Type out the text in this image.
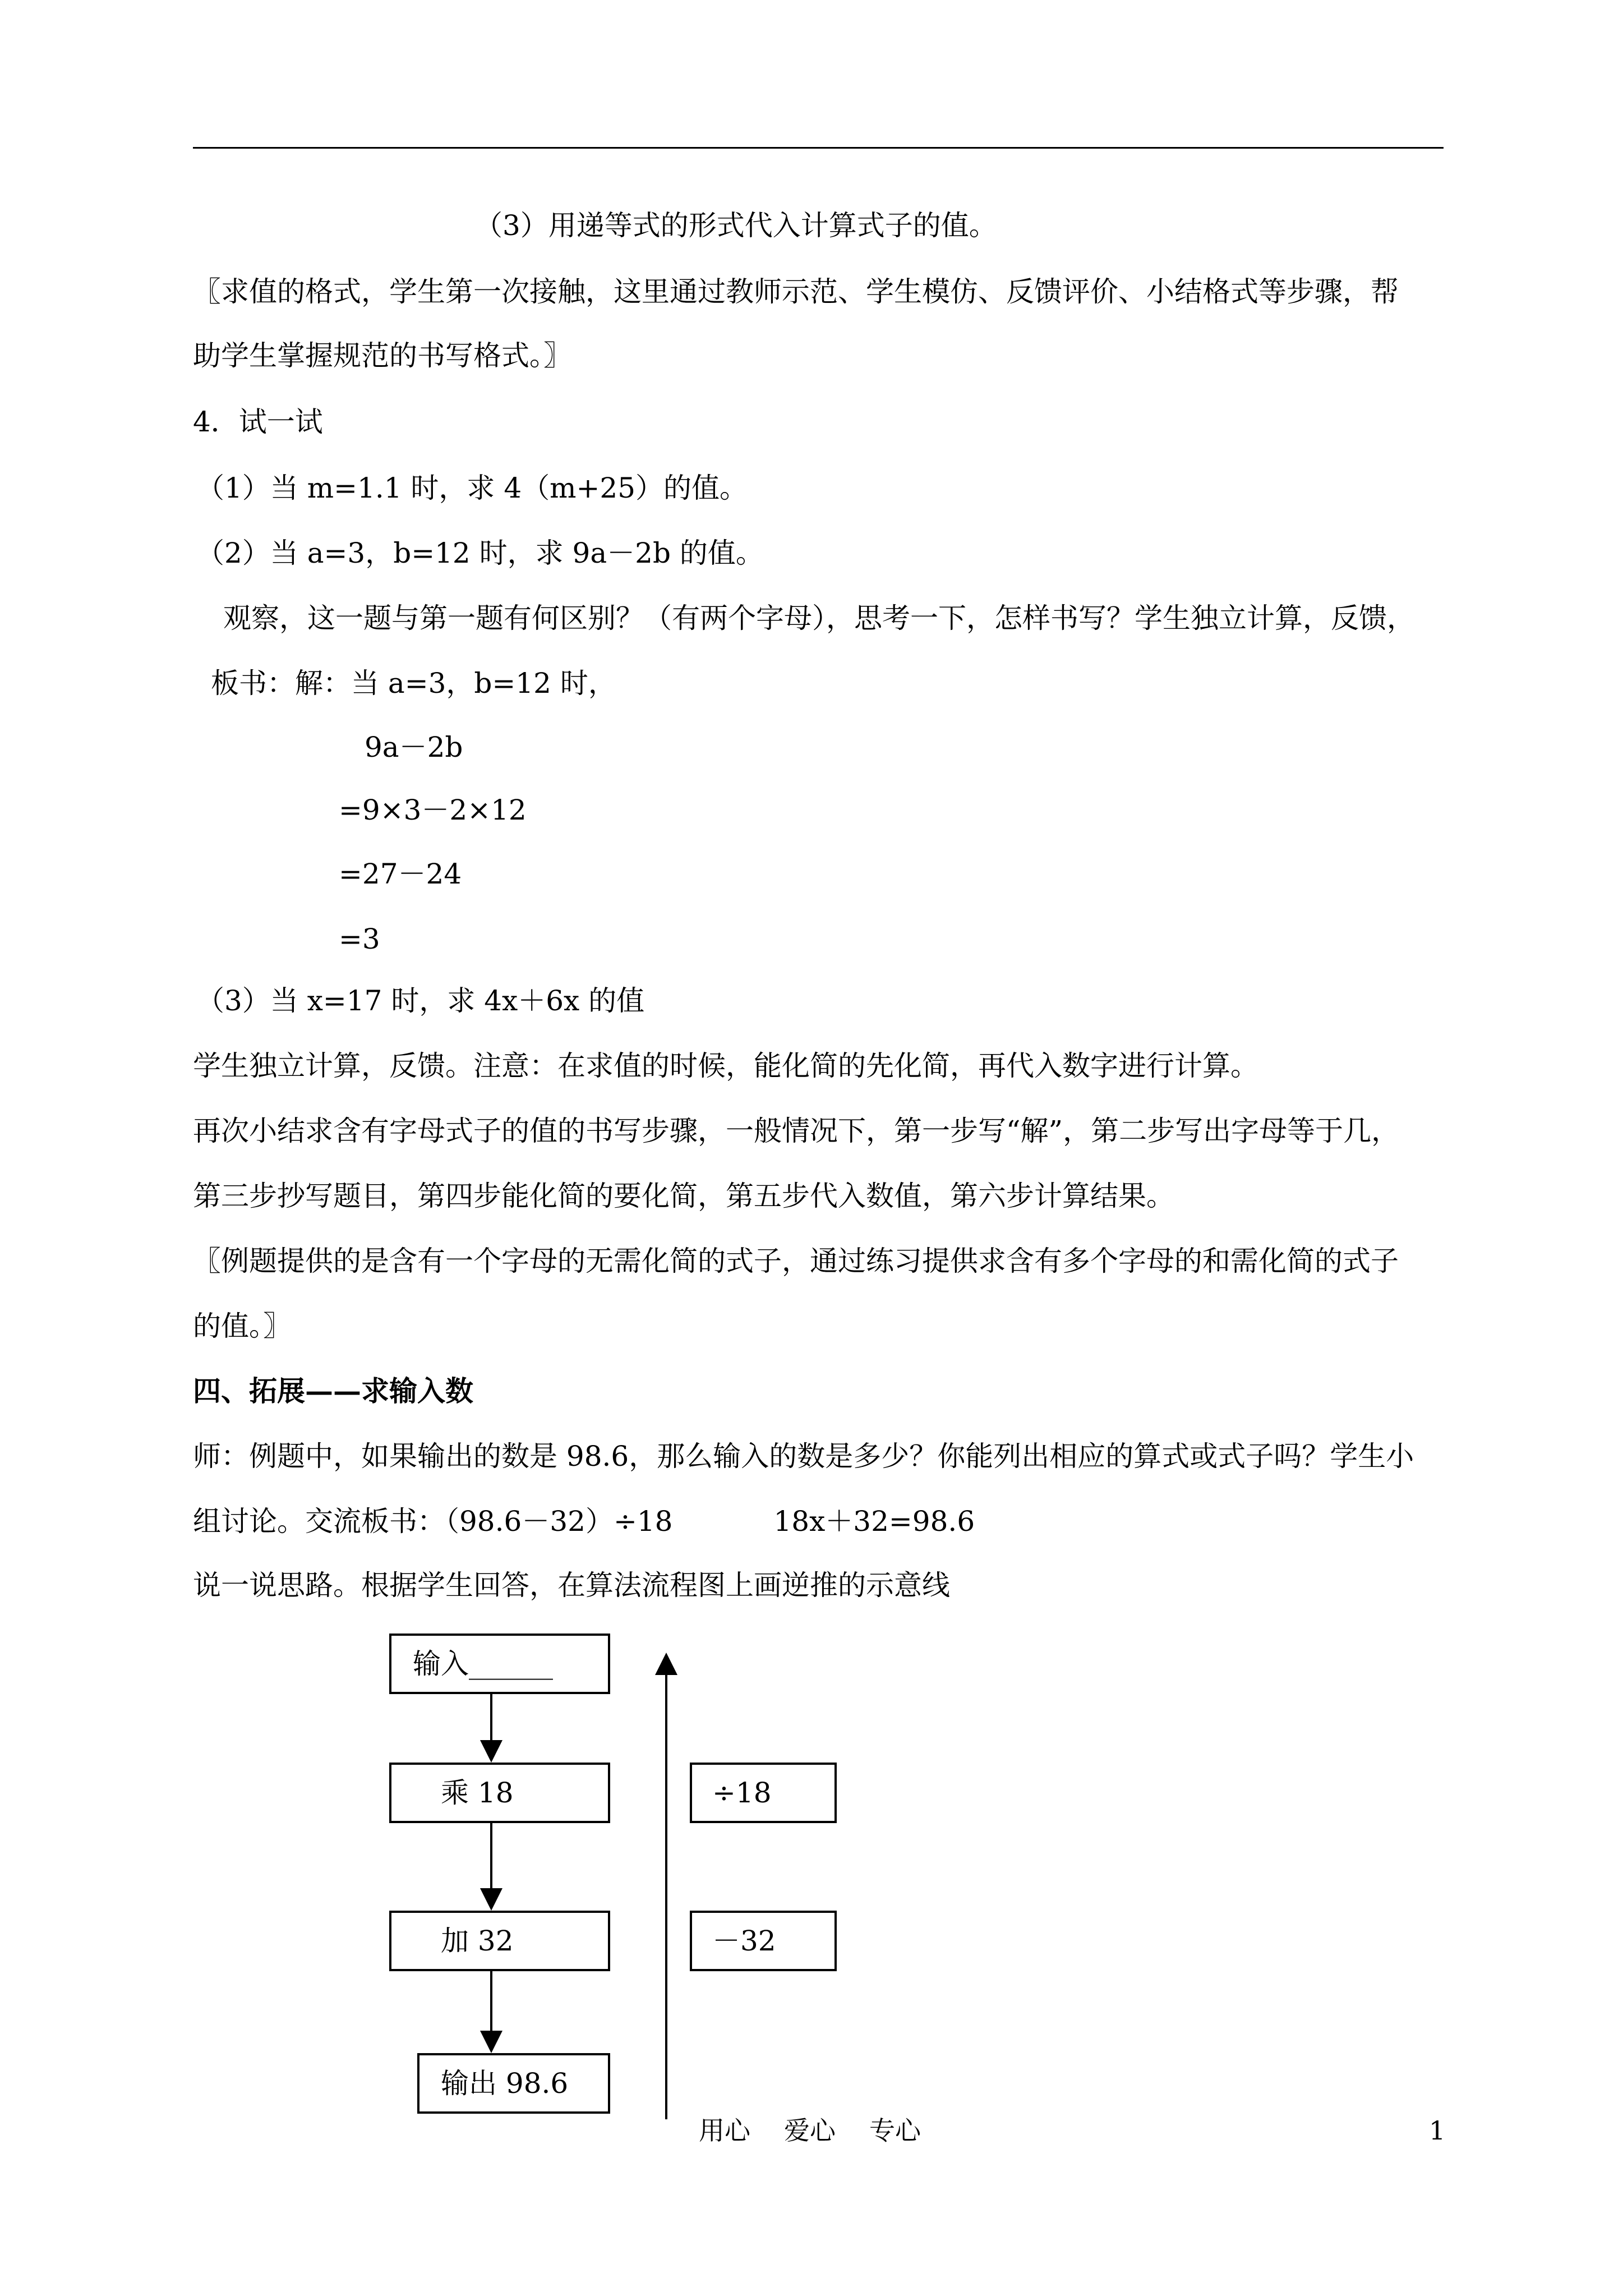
（3）用递等式的形式代入计算式子的值。
〖求值的格式，学生第一次接触，这里通过教师示范、学生模仿、反馈评价、小结格式等步骤，帮
助学生掌握规范的书写格式。〗
4．试一试
（1）当 m=1.1 时，求 4（m+25）的值。
（2）当 a=3，b=12 时，求 9a－2b 的值。
观察，这一题与第一题有何区别？（有两个字母），思考一下，怎样书写？学生独立计算，反馈，
板书：解：当 a=3，b=12 时，
9a－2b
=9×3－2×12
=27－24
=3
（3）当 x=17 时，求 4x＋6x 的值
学生独立计算，反馈。注意：在求值的时候，能化简的先化简，再代入数字进行计算。
再次小结求含有字母式子的值的书写步骤，一般情况下，第一步写“解”，第二步写出字母等于几，
第三步抄写题目，第四步能化简的要化简，第五步代入数值，第六步计算结果。
〖例题提供的是含有一个字母的无需化简的式子，通过练习提供求含有多个字母的和需化简的式子
的值。〗
四、拓展——求输入数
师：例题中，如果输出的数是 98.6，那么输入的数是多少？你能列出相应的算式或式子吗？学生小
组讨论。交流板书：（98.6－32）÷18	18x＋32=98.6
说一说思路。根据学生回答，在算法流程图上画逆推的示意线
输入______
乘 18
加 32
输出 98.6
÷18
－32
用心 爱心 专心	1
